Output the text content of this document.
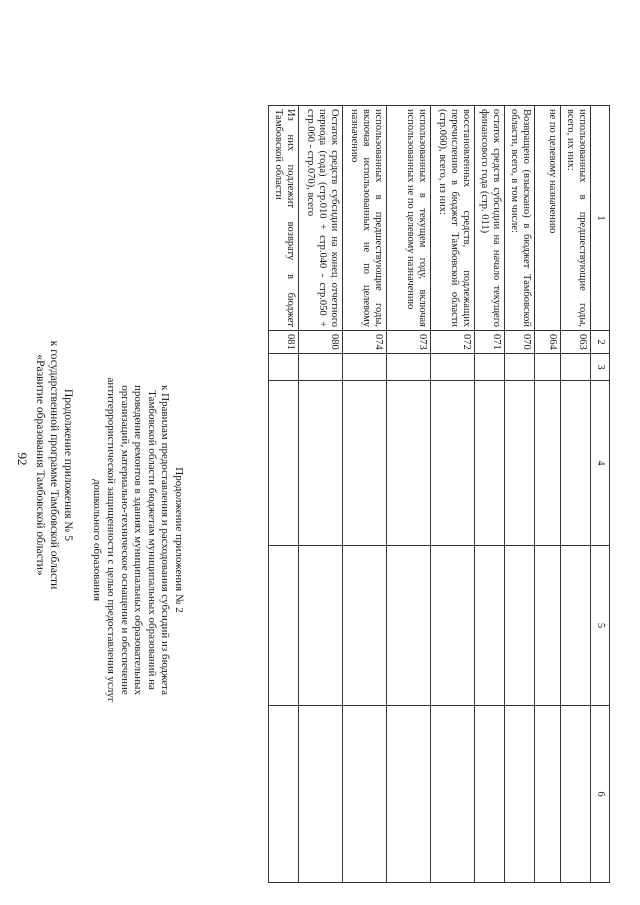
92	Продолжение приложения № 5
к государственной программе Тамбовской области
«Развитие образования Тамбовской области»	Продолжение приложения № 2
к Правилам предоставления и расходования субсидий из бюджета
Тамбовской области бюджетам муниципальных образований на
проведение ремонтов в зданиях муниципальных образовательных
организаций, материально-техническое оснащение и обеспечение
антитеррористической защищенности с целью предоставления услуг
дошкольного образования
1	2	3	4	5	6
использованных в предшествующие годы, всего, их них:	063				
не по целевому назначению	064				
Возвращено (взыскано) в бюджет Тамбовской области, всего, в том числе:	070				
остаток средств субсидии на начало текущего финансового года (стр. 011)	071				
восстановленных средств, подлежащих перечислению в бюджет Тамбовской области (стр.060), всего, из них:	072				
использованных в текущем году, включая использованных не по целевому назначению	073				
использованных в предшествующие годы, включая использованных не по целевому назначению	074				
Остаток средств субсидии на конец отчетного периода (года) (стр.010 + стр.040 - стр.050 + стр.060 - стр.070), всего	080				
Из них подлежит возврату в бюджет Тамбовской области	081				
